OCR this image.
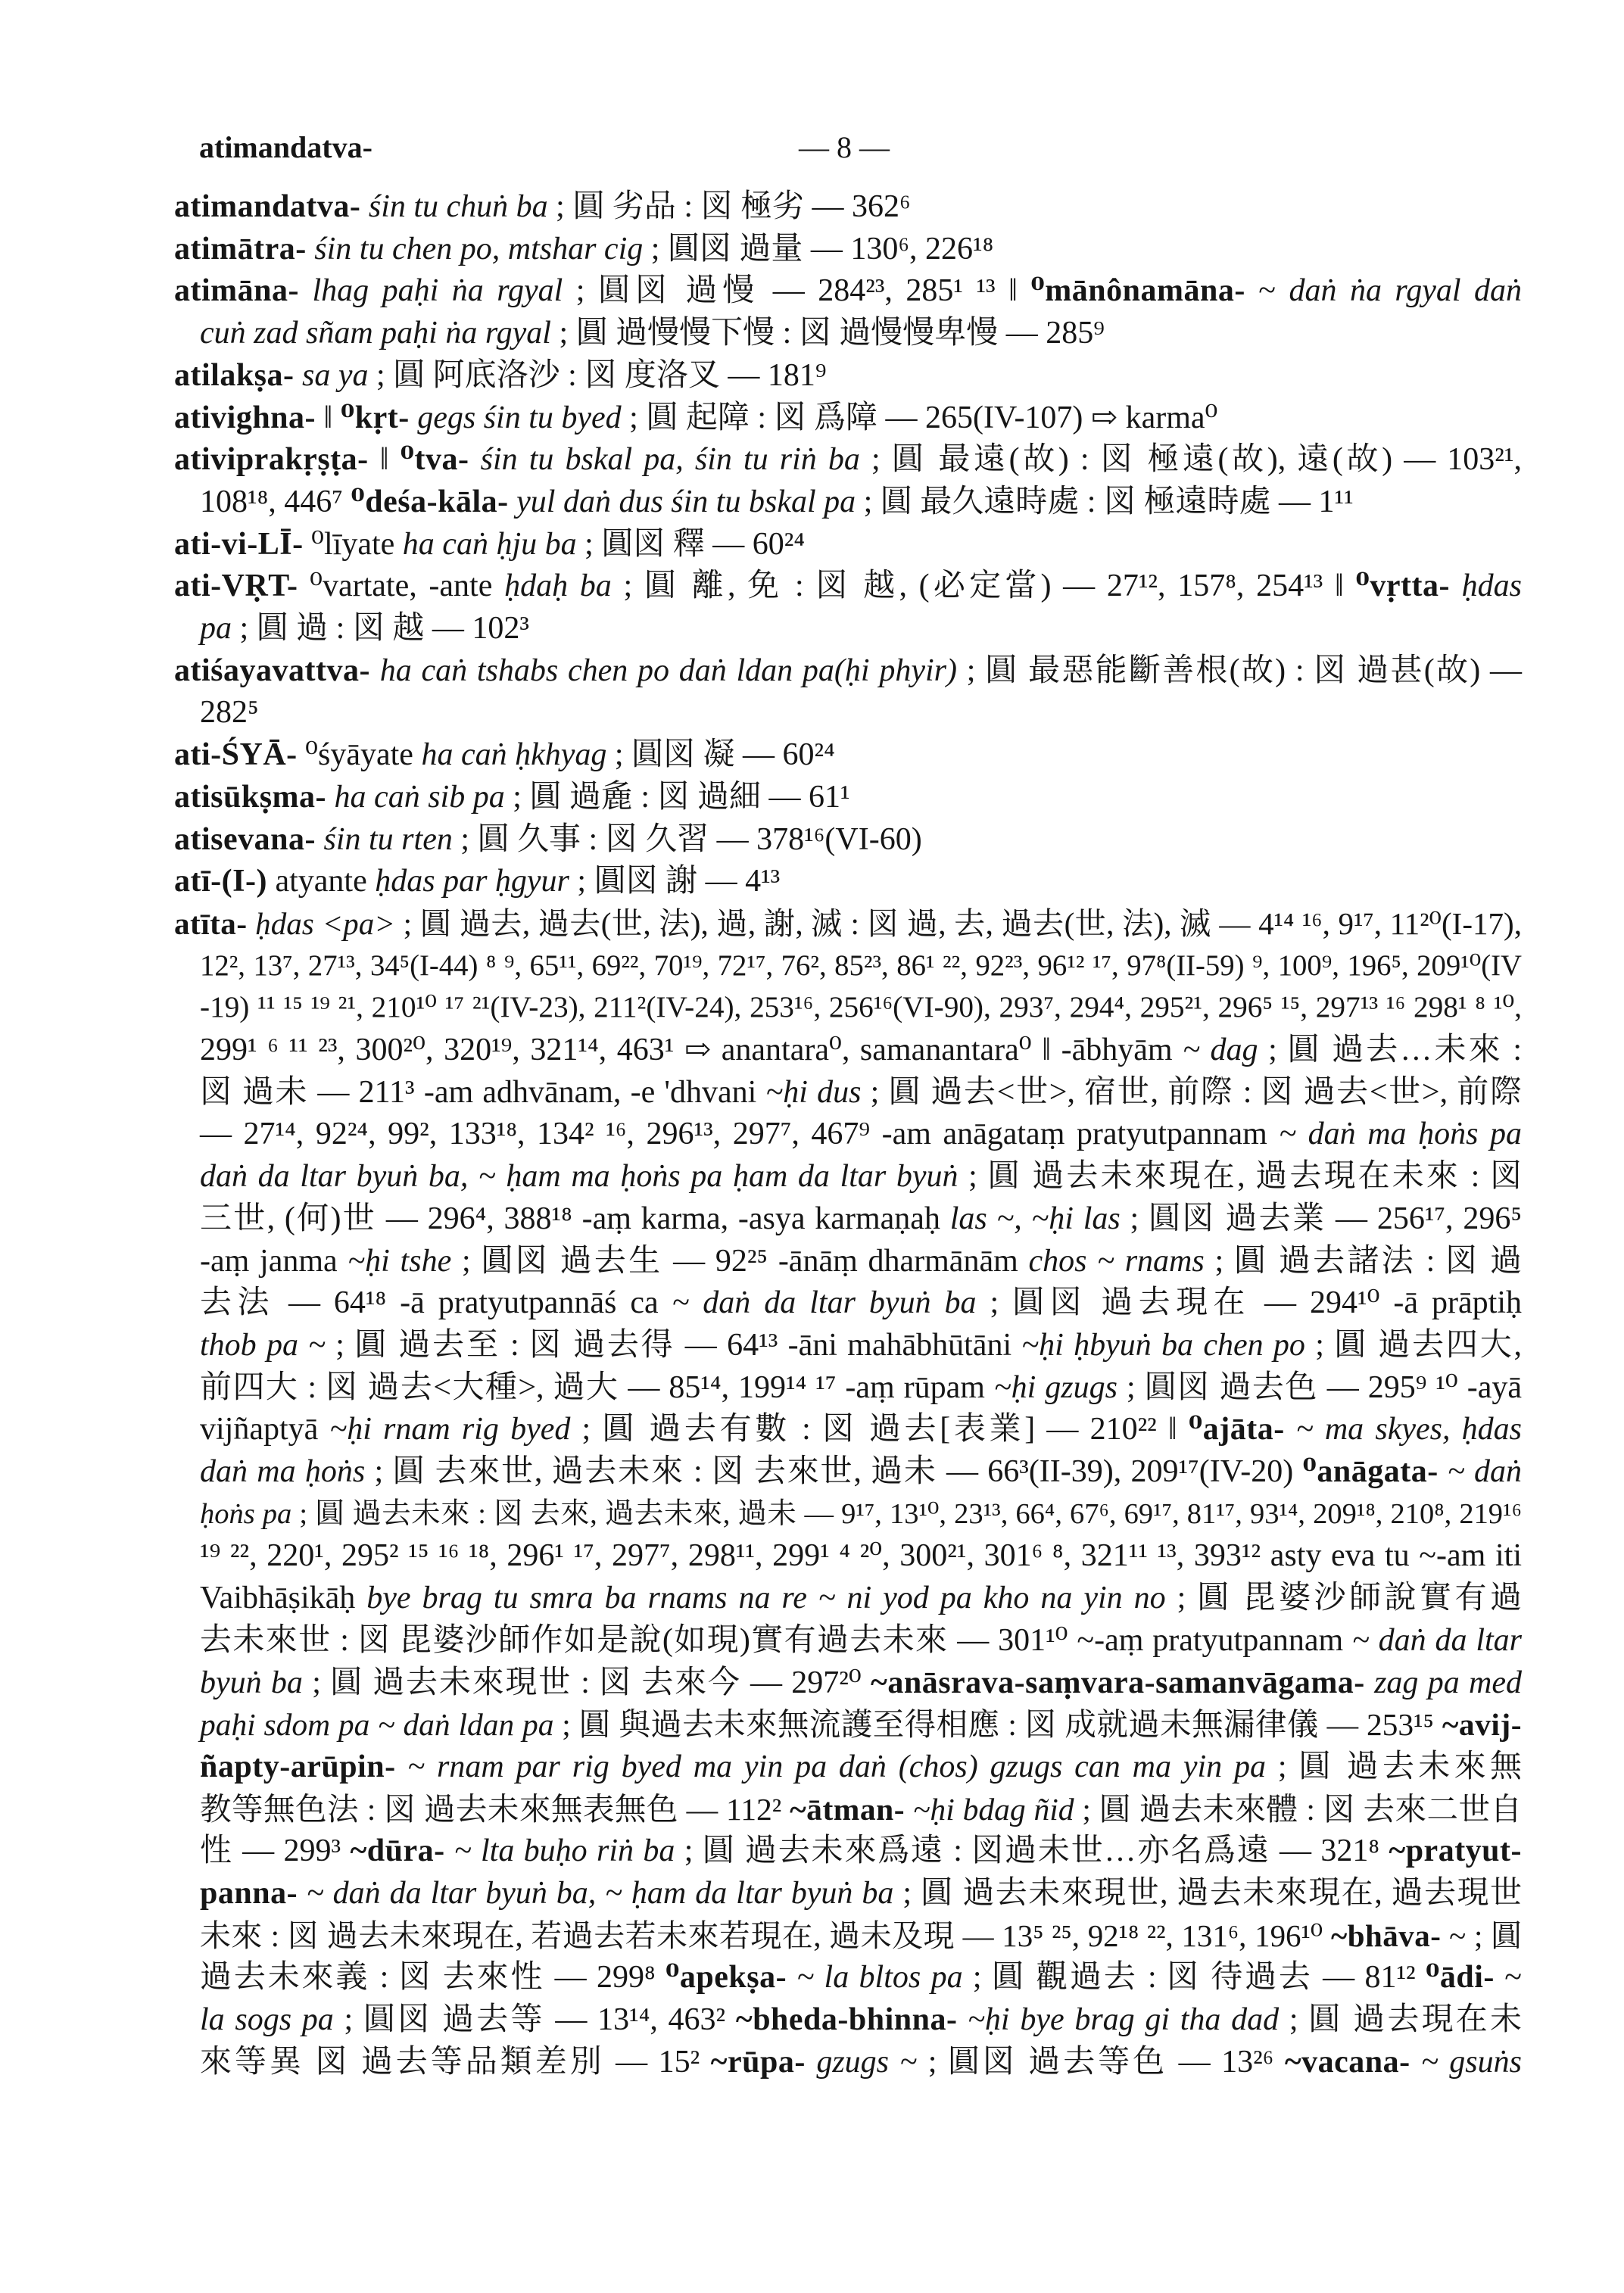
atimandatva-	— 8 —
atimandatva- śin tu chuṅ ba ; 圓 劣品 : 図 極劣 — 362⁶
atimātra- śin tu chen po, mtshar cig ; 圓図 過量 — 130⁶, 226¹⁸
atimāna- lhag paḥi ṅa rgyal ; 圓図 過慢 — 284²³, 285¹ ¹³ ‖ ⁰mānônamāna- ~ daṅ ṅa rgyal daṅ
cuṅ zad sñam paḥi ṅa rgyal ; 圓 過慢慢下慢 : 図 過慢慢卑慢 — 285⁹
atilakṣa- sa ya ; 圓 阿底洛沙 : 図 度洛叉 — 181⁹
ativighna- ‖ ⁰kṛt- gegs śin tu byed ; 圓 起障 : 図 爲障 — 265(IV-107) ⇨ karma⁰
ativiprakṛṣṭa- ‖ ⁰tva- śin tu bskal pa, śin tu riṅ ba ; 圓 最遠(故) : 図 極遠(故), 遠(故) — 103²¹,
108¹⁸, 446⁷ ⁰deśa-kāla- yul daṅ dus śin tu bskal pa ; 圓 最久遠時處 : 図 極遠時處 — 1¹¹
ati-vi-LĪ- ⁰līyate ha caṅ ḥju ba ; 圓図 釋 — 60²⁴
ati-VṚT- ⁰vartate, -ante ḥdaḥ ba ; 圓 離, 免 : 図 越, (必定當) — 27¹², 157⁸, 254¹³ ‖ ⁰vṛtta- ḥdas
pa ; 圓 過 : 図 越 — 102³
atiśayavattva- ha caṅ tshabs chen po daṅ ldan pa(ḥi phyir) ; 圓 最惡能斷善根(故) : 図 過甚(故) —
282⁵
ati-ŚYĀ- ⁰śyāyate ha caṅ ḥkhyag ; 圓図 凝 — 60²⁴
atisūkṣma- ha caṅ sib pa ; 圓 過麁 : 図 過細 — 61¹
atisevana- śin tu rten ; 圓 久事 : 図 久習 — 378¹⁶(VI-60)
atī-(I-) atyante ḥdas par ḥgyur ; 圓図 謝 — 4¹³
atīta- ḥdas <pa> ; 圓 過去, 過去(世, 法), 過, 謝, 滅 : 図 過, 去, 過去(世, 法), 滅 — 4¹⁴ ¹⁶, 9¹⁷, 11²⁰(I-17),
12², 13⁷, 27¹³, 34⁵(I-44) ⁸ ⁹, 65¹¹, 69²², 70¹⁹, 72¹⁷, 76², 85²³, 86¹ ²², 92²³, 96¹² ¹⁷, 97⁸(II-59) ⁹, 100⁹, 196⁵, 209¹⁰(IV
-19) ¹¹ ¹⁵ ¹⁹ ²¹, 210¹⁰ ¹⁷ ²¹(IV-23), 211²(IV-24), 253¹⁶, 256¹⁶(VI-90), 293⁷, 294⁴, 295²¹, 296⁵ ¹⁵, 297¹³ ¹⁶ 298¹ ⁸ ¹⁰,
299¹ ⁶ ¹¹ ²³, 300²⁰, 320¹⁹, 321¹⁴, 463¹ ⇨ anantara⁰, samanantara⁰ ‖ -ābhyām ~ dag ; 圓 過去…未來 :
図 過未 — 211³ -am adhvānam, -e 'dhvani ~ḥi dus ; 圓 過去<世>, 宿世, 前際 : 図 過去<世>, 前際
— 27¹⁴, 92²⁴, 99², 133¹⁸, 134² ¹⁶, 296¹³, 297⁷, 467⁹ -am anāgataṃ pratyutpannam ~ daṅ ma ḥoṅs pa
daṅ da ltar byuṅ ba, ~ ḥam ma ḥoṅs pa ḥam da ltar byuṅ ; 圓 過去未來現在, 過去現在未來 : 図
三世, (何)世 — 296⁴, 388¹⁸ -aṃ karma, -asya karmaṇaḥ las ~, ~ḥi las ; 圓図 過去業 — 256¹⁷, 296⁵
-aṃ janma ~ḥi tshe ; 圓図 過去生 — 92²⁵ -ānāṃ dharmānām chos ~ rnams ; 圓 過去諸法 : 図 過
去法 — 64¹⁸ -ā pratyutpannāś ca ~ daṅ da ltar byuṅ ba ; 圓図 過去現在 — 294¹⁰ -ā prāptiḥ
thob pa ~ ; 圓 過去至 : 図 過去得 — 64¹³ -āni mahābhūtāni ~ḥi ḥbyuṅ ba chen po ; 圓 過去四大,
前四大 : 図 過去<大種>, 過大 — 85¹⁴, 199¹⁴ ¹⁷ -aṃ rūpam ~ḥi gzugs ; 圓図 過去色 — 295⁹ ¹⁰ -ayā
vijñaptyā ~ḥi rnam rig byed ; 圓 過去有數 : 図 過去[表業] — 210²² ‖ ⁰ajāta- ~ ma skyes, ḥdas
daṅ ma ḥoṅs ; 圓 去來世, 過去未來 : 図 去來世, 過未 — 66³(II-39), 209¹⁷(IV-20) ⁰anāgata- ~ daṅ
ḥoṅs pa ; 圓 過去未來 : 図 去來, 過去未來, 過未 — 9¹⁷, 13¹⁰, 23¹³, 66⁴, 67⁶, 69¹⁷, 81¹⁷, 93¹⁴, 209¹⁸, 210⁸, 219¹⁶
¹⁹ ²², 220¹, 295² ¹⁵ ¹⁶ ¹⁸, 296¹ ¹⁷, 297⁷, 298¹¹, 299¹ ⁴ ²⁰, 300²¹, 301⁶ ⁸, 321¹¹ ¹³, 393¹² asty eva tu ~-am iti
Vaibhāṣikāḥ bye brag tu smra ba rnams na re ~ ni yod pa kho na yin no ; 圓 毘婆沙師說實有過
去未來世 : 図 毘婆沙師作如是說(如現)實有過去未來 — 301¹⁰ ~-aṃ pratyutpannam ~ daṅ da ltar
byuṅ ba ; 圓 過去未來現世 : 図 去來今 — 297²⁰ ~anāsrava-saṃvara-samanvāgama- zag pa med
paḥi sdom pa ~ daṅ ldan pa ; 圓 與過去未來無流護至得相應 : 図 成就過未無漏律儀 — 253¹⁵ ~avij-
ñapty-arūpin- ~ rnam par rig byed ma yin pa daṅ (chos) gzugs can ma yin pa ; 圓 過去未來無
教等無色法 : 図 過去未來無表無色 — 112² ~ātman- ~ḥi bdag ñid ; 圓 過去未來體 : 図 去來二世自
性 — 299³ ~dūra- ~ lta buḥo riṅ ba ; 圓 過去未來爲遠 : 図過未世…亦名爲遠 — 321⁸ ~pratyut-
panna- ~ daṅ da ltar byuṅ ba, ~ ḥam da ltar byuṅ ba ; 圓 過去未來現世, 過去未來現在, 過去現世
未來 : 図 過去未來現在, 若過去若未來若現在, 過未及現 — 13⁵ ²⁵, 92¹⁸ ²², 131⁶, 196¹⁰ ~bhāva- ~ ; 圓
過去未來義 : 図 去來性 — 299⁸ ⁰apekṣa- ~ la bltos pa ; 圓 觀過去 : 図 待過去 — 81¹² ⁰ādi- ~
la sogs pa ; 圓図 過去等 — 13¹⁴, 463² ~bheda-bhinna- ~ḥi bye brag gi tha dad ; 圓 過去現在未
來等異 図 過去等品類差別 — 15² ~rūpa- gzugs ~ ; 圓図 過去等色 — 13²⁶ ~vacana- ~ gsuṅs
